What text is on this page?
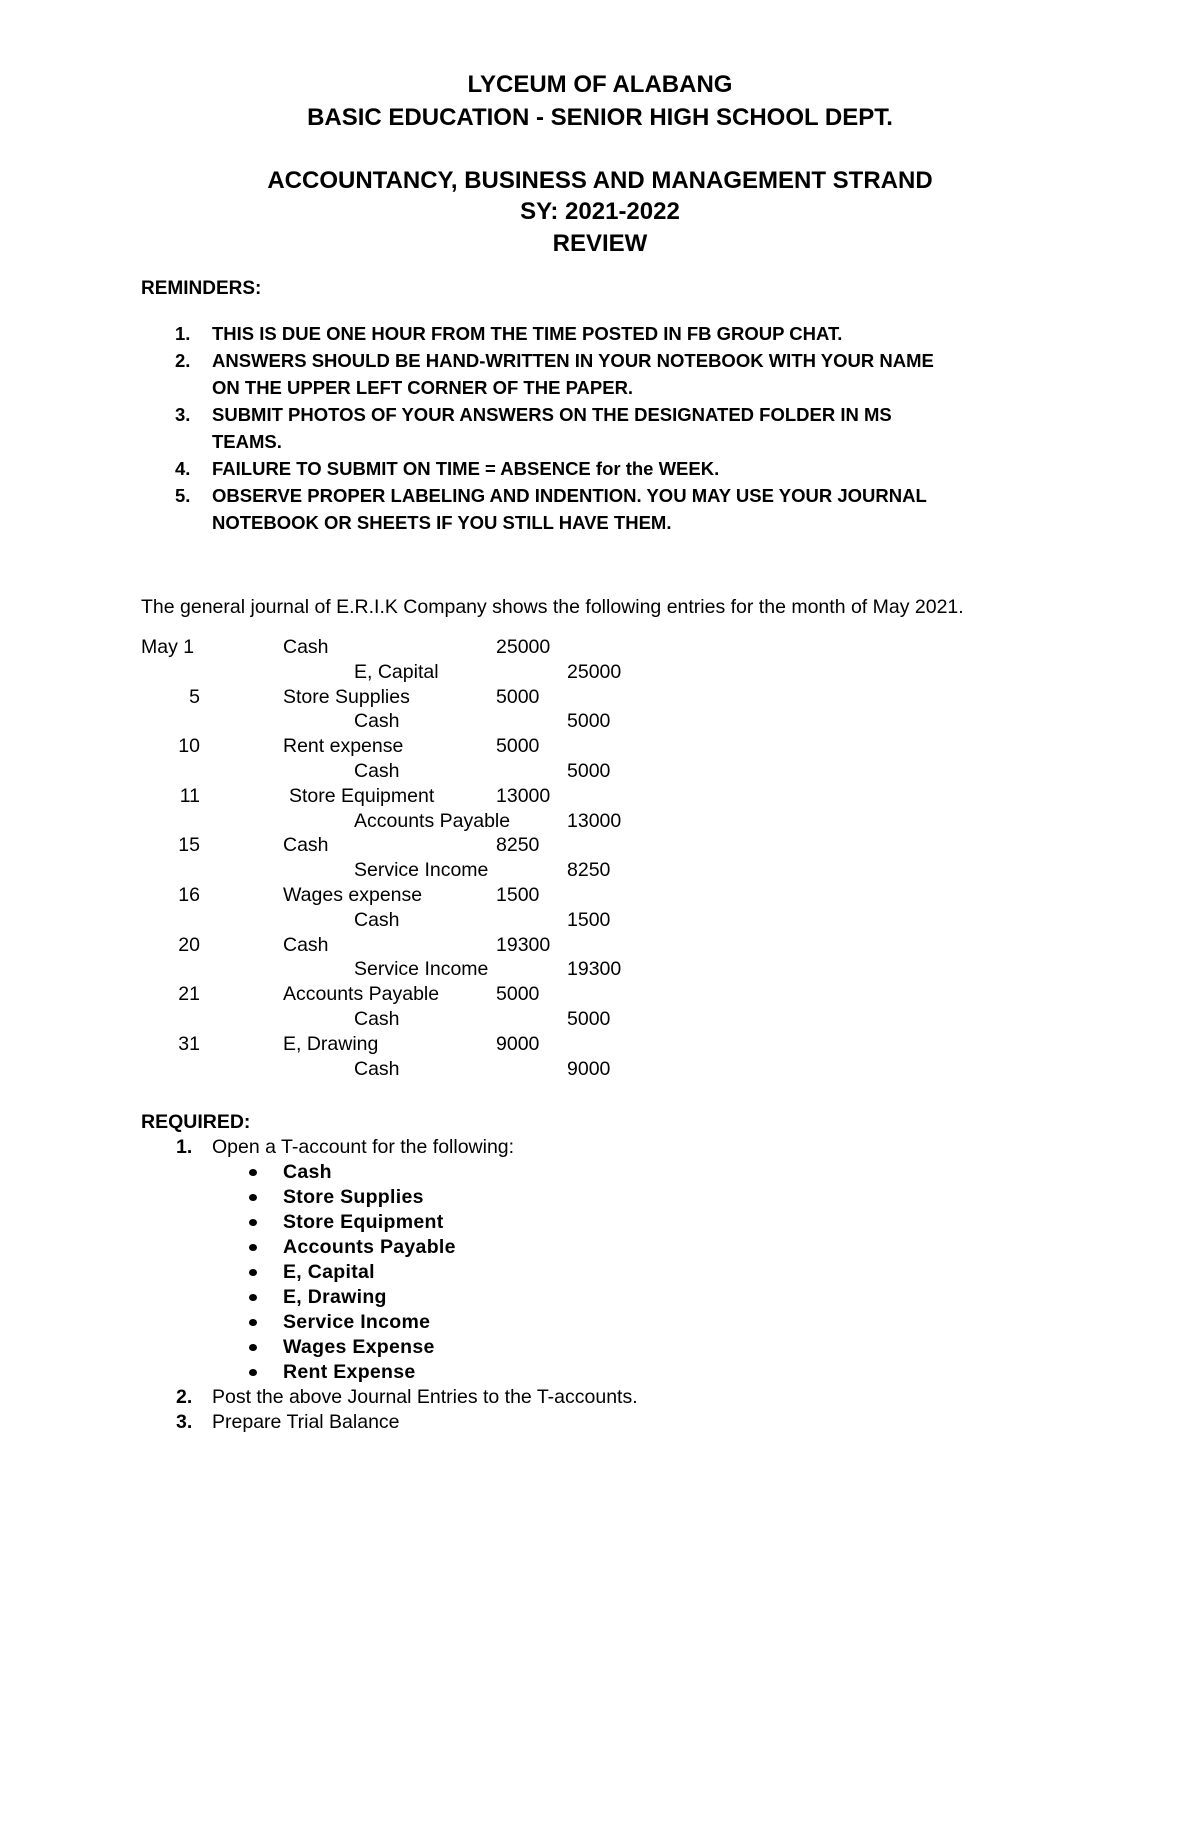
LYCEUM OF ALABANG
BASIC EDUCATION - SENIOR HIGH SCHOOL DEPT.
ACCOUNTANCY, BUSINESS AND MANAGEMENT STRAND
SY: 2021-2022
REVIEW
REMINDERS:
1. THIS IS DUE ONE HOUR FROM THE TIME POSTED IN FB GROUP CHAT.
2. ANSWERS SHOULD BE HAND-WRITTEN IN YOUR NOTEBOOK WITH YOUR NAME
ON THE UPPER LEFT CORNER OF THE PAPER.
3. SUBMIT PHOTOS OF YOUR ANSWERS ON THE DESIGNATED FOLDER IN MS
TEAMS.
4. FAILURE TO SUBMIT ON TIME = ABSENCE for the WEEK.
5. OBSERVE PROPER LABELING AND INDENTION. YOU MAY USE YOUR JOURNAL
NOTEBOOK OR SHEETS IF YOU STILL HAVE THEM.
The general journal of E.R.I.K Company shows the following entries for the month of May 2021.
May 1	Cash	25000
E, Capital	25000
5	Store Supplies	5000
Cash	5000
10	Rent expense	5000
Cash	5000
11	Store Equipment	13000
Accounts Payable	13000
15	Cash	8250
Service Income	8250
16	Wages expense	1500
Cash	1500
20	Cash	19300
Service Income	19300
21	Accounts Payable	5000
Cash	5000
31	E, Drawing	9000
Cash	9000
REQUIRED:
1. Open a T-account for the following:
Cash
Store Supplies
Store Equipment
Accounts Payable
E, Capital
E, Drawing
Service Income
Wages Expense
Rent Expense
2. Post the above Journal Entries to the T-accounts.
3. Prepare Trial Balance
